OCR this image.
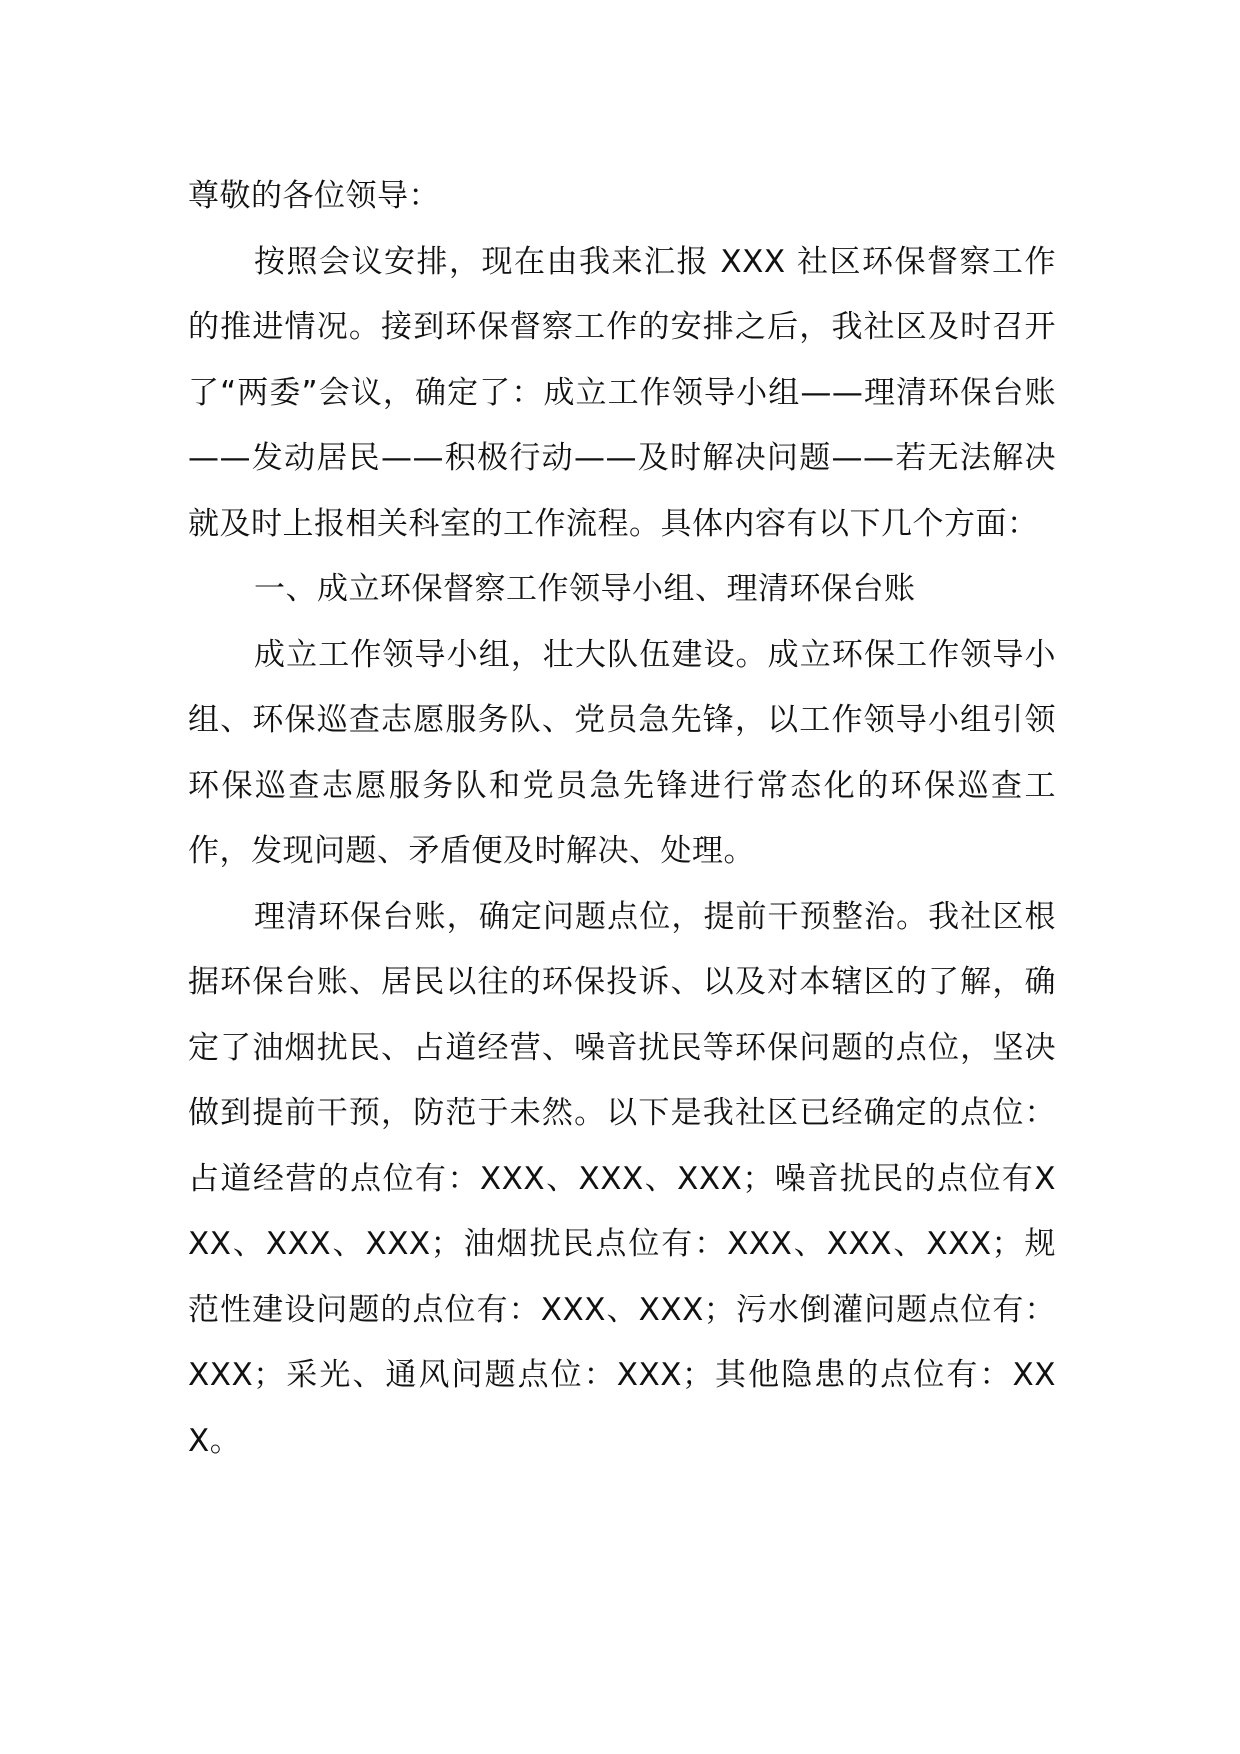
尊敬的各位领导：

按照会议安排，现在由我来汇报 XXX 社区环保督察工作的推进情况。接到环保督察工作的安排之后，我社区及时召开了“两委”会议，确定了：成立工作领导小组——理清环保台账——发动居民——积极行动——及时解决问题——若无法解决就及时上报相关科室的工作流程。具体内容有以下几个方面：

一、成立环保督察工作领导小组、理清环保台账

成立工作领导小组，壮大队伍建设。成立环保工作领导小组、环保巡查志愿服务队、党员急先锋，以工作领导小组引领环保巡查志愿服务队和党员急先锋进行常态化的环保巡查工作，发现问题、矛盾便及时解决、处理。

理清环保台账，确定问题点位，提前干预整治。我社区根据环保台账、居民以往的环保投诉、以及对本辖区的了解，确定了油烟扰民、占道经营、噪音扰民等环保问题的点位，坚决做到提前干预，防范于未然。以下是我社区已经确定的点位：占道经营的点位有：XXX、XXX、XXX；噪音扰民的点位有XXX、XXX、XXX；油烟扰民点位有：XXX、XXX、XXX；规范性建设问题的点位有：XXX、XXX；污水倒灌问题点位有：XXX；采光、通风问题点位：XXX；其他隐患的点位有：XXX。
